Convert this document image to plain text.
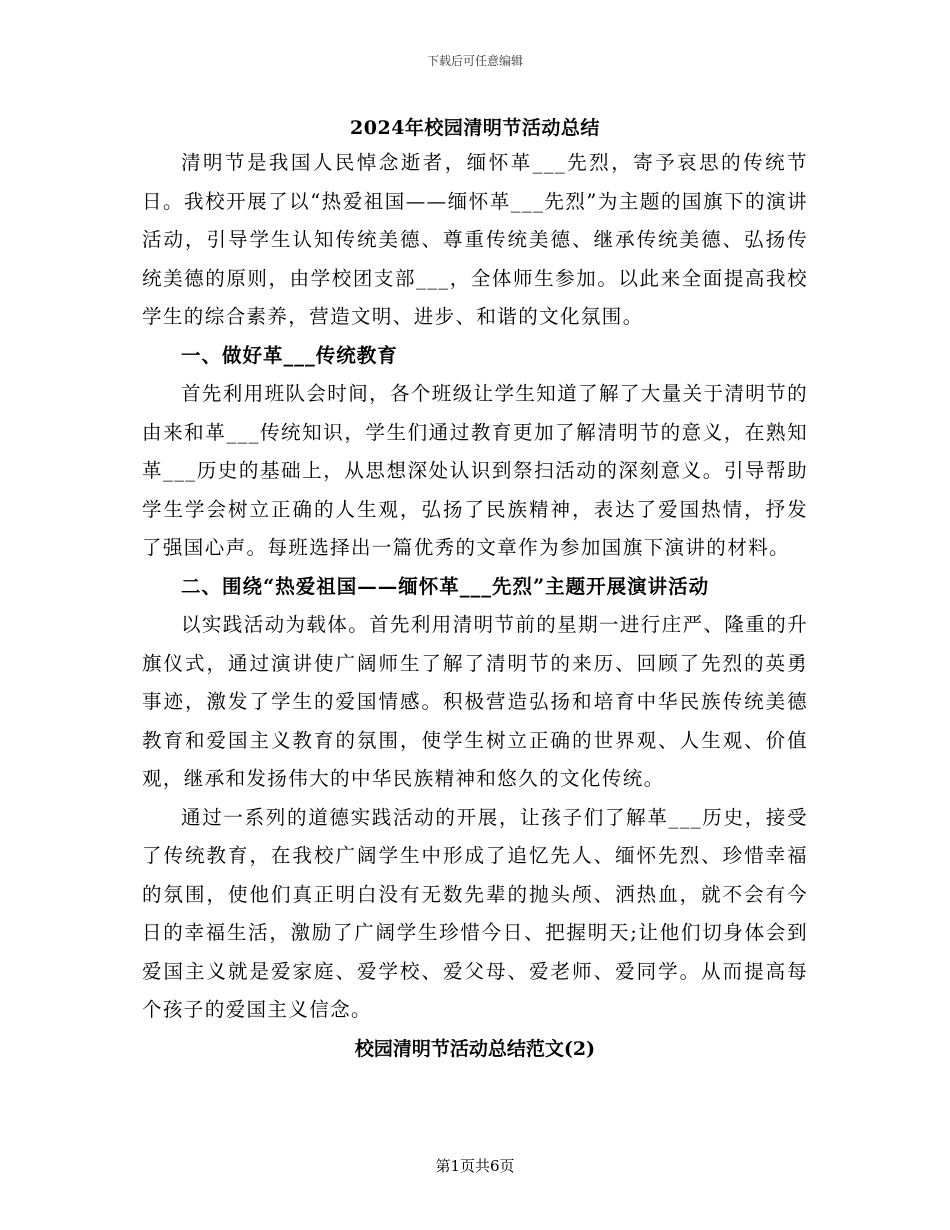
下载后可任意编辑
2024年校园清明节活动总结

清明节是我国人民悼念逝者，缅怀革___先烈，寄予哀思的传统节日。我校开展了以“热爱祖国——缅怀革___先烈”为主题的国旗下的演讲活动，引导学生认知传统美德、尊重传统美德、继承传统美德、弘扬传统美德的原则，由学校团支部___，全体师生参加。以此来全面提高我校学生的综合素养，营造文明、进步、和谐的文化氛围。

一、做好革___传统教育

首先利用班队会时间，各个班级让学生知道了解了大量关于清明节的由来和革___传统知识，学生们通过教育更加了解清明节的意义，在熟知革___历史的基础上，从思想深处认识到祭扫活动的深刻意义。引导帮助学生学会树立正确的人生观，弘扬了民族精神，表达了爱国热情，抒发了强国心声。每班选择出一篇优秀的文章作为参加国旗下演讲的材料。

二、围绕“热爱祖国——缅怀革___先烈”主题开展演讲活动

以实践活动为载体。首先利用清明节前的星期一进行庄严、隆重的升旗仪式，通过演讲使广阔师生了解了清明节的来历、回顾了先烈的英勇事迹，激发了学生的爱国情感。积极营造弘扬和培育中华民族传统美德教育和爱国主义教育的氛围，使学生树立正确的世界观、人生观、价值观，继承和发扬伟大的中华民族精神和悠久的文化传统。

通过一系列的道德实践活动的开展，让孩子们了解革___历史，接受了传统教育，在我校广阔学生中形成了追忆先人、缅怀先烈、珍惜幸福的氛围，使他们真正明白没有无数先辈的抛头颅、洒热血，就不会有今日的幸福生活，激励了广阔学生珍惜今日、把握明天;让他们切身体会到爱国主义就是爱家庭、爱学校、爱父母、爱老师、爱同学。从而提高每个孩子的爱国主义信念。

校园清明节活动总结范文(2)

第1页共6页
